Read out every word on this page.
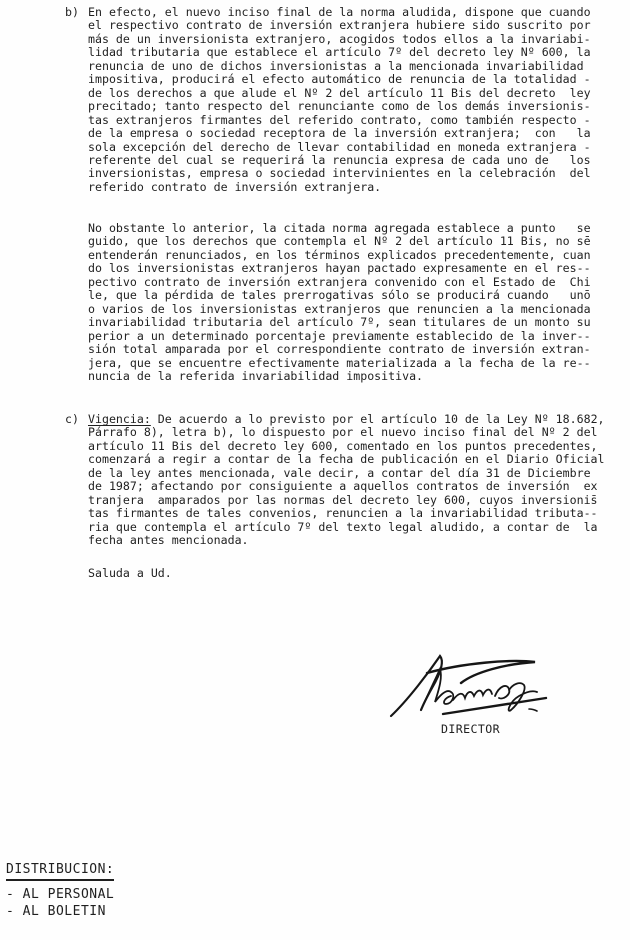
b) En efecto, el nuevo inciso final de la norma aludida, dispone que cuando
el respectivo contrato de inversión extranjera hubiere sido suscrito por
más de un inversionista extranjero, acogidos todos ellos a la invariabi-
lidad tributaria que establece el artículo 7º del decreto ley Nº 600, la
renuncia de uno de dichos inversionistas a la mencionada invariabilidad
impositiva, producirá el efecto automático de renuncia de la totalidad -
de los derechos a que alude el Nº 2 del artículo 11 Bis del decreto  ley
precitado; tanto respecto del renunciante como de los demás inversionis-
tas extranjeros firmantes del referido contrato, como también respecto -
de la empresa o sociedad receptora de la inversión extranjera;  con   la
sola excepción del derecho de llevar contabilidad en moneda extranjera -
referente del cual se requerirá la renuncia expresa de cada uno de   los
inversionistas, empresa o sociedad intervinientes en la celebración  del
referido contrato de inversión extranjera.
No obstante lo anterior, la citada norma agregada establece a punto   se
guido, que los derechos que contempla el Nº 2 del artículo 11 Bis, no sē
entenderán renunciados, en los términos explicados precedentemente, cuan
do los inversionistas extranjeros hayan pactado expresamente en el res--
pectivo contrato de inversión extranjera convenido con el Estado de  Chi
le, que la pérdida de tales prerrogativas sólo se producirá cuando   unō
o varios de los inversionistas extranjeros que renuncien a la mencionada
invariabilidad tributaria del artículo 7º, sean titulares de un monto su
perior a un determinado porcentaje previamente establecido de la inver--
sión total amparada por el correspondiente contrato de inversión extran-
jera, que se encuentre efectivamente materializada a la fecha de la re--
nuncia de la referida invariabilidad impositiva.
c) Vigencia: De acuerdo a lo previsto por el artículo 10 de la Ley Nº 18.682,
Párrafo 8), letra b), lo dispuesto por el nuevo inciso final del Nº 2 del
artículo 11 Bis del decreto ley 600, comentado en los puntos precedentes,
comenzará a regir a contar de la fecha de publicación en el Diario Oficial
de la ley antes mencionada, vale decir, a contar del día 31 de Diciembre
de 1987; afectando por consiguiente a aquellos contratos de inversión  ex
tranjera  amparados por las normas del decreto ley 600, cuyos inversionis̄
tas firmantes de tales convenios, renuncien a la invariabilidad tributa--
ria que contempla el artículo 7º del texto legal aludido, a contar de  la
fecha antes mencionada.
Saluda a Ud.
DIRECTOR
DISTRIBUCION:
- AL PERSONAL
- AL BOLETIN
